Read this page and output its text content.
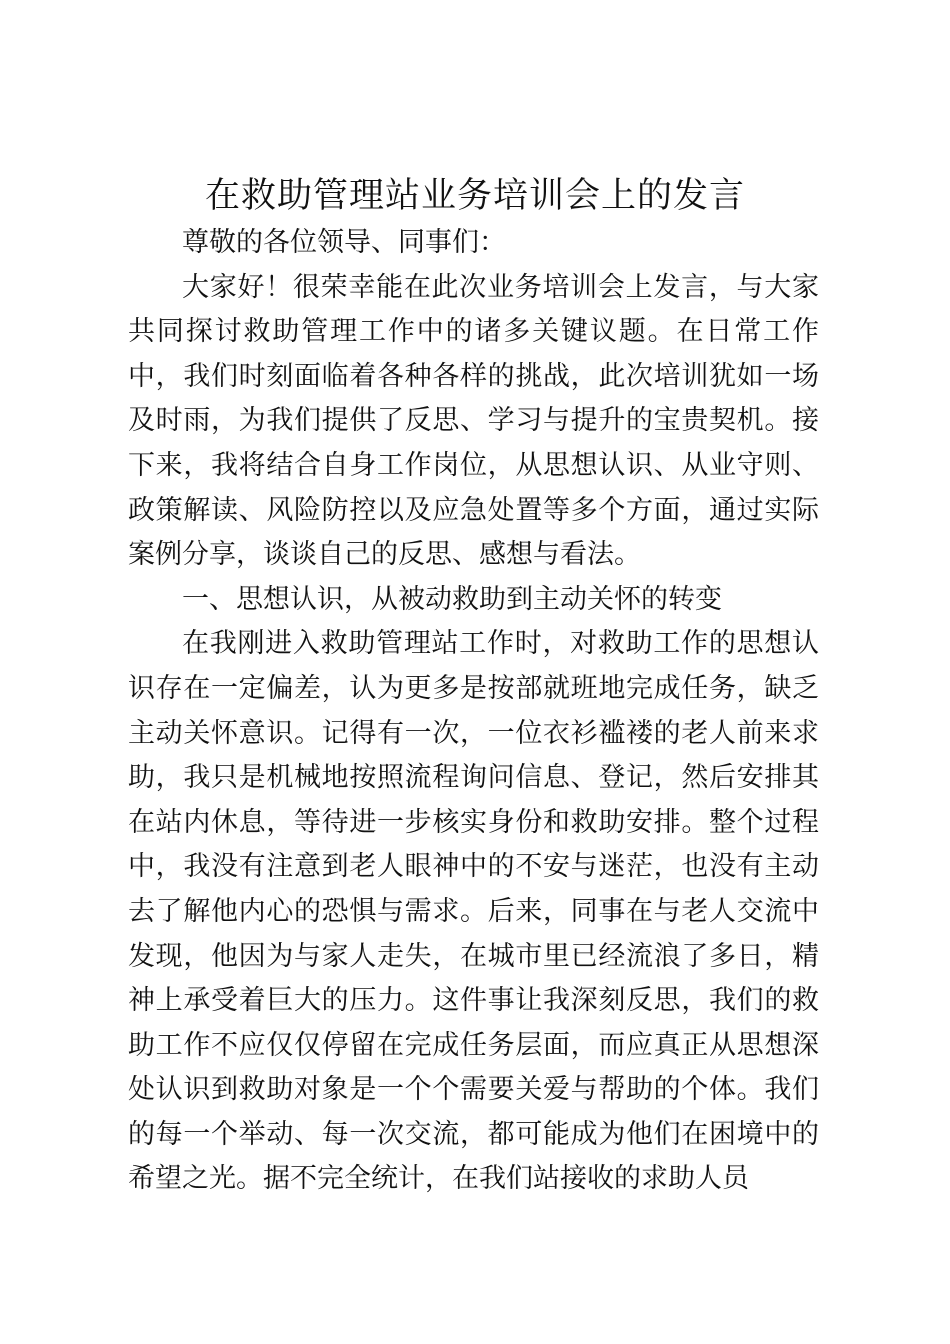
在救助管理站业务培训会上的发言

尊敬的各位领导、同事们：

大家好！很荣幸能在此次业务培训会上发言，与大家共同探讨救助管理工作中的诸多关键议题。在日常工作中，我们时刻面临着各种各样的挑战，此次培训犹如一场及时雨，为我们提供了反思、学习与提升的宝贵契机。接下来，我将结合自身工作岗位，从思想认识、从业守则、政策解读、风险防控以及应急处置等多个方面，通过实际案例分享，谈谈自己的反思、感想与看法。

一、思想认识，从被动救助到主动关怀的转变

在我刚进入救助管理站工作时，对救助工作的思想认识存在一定偏差，认为更多是按部就班地完成任务，缺乏主动关怀意识。记得有一次，一位衣衫褴褛的老人前来求助，我只是机械地按照流程询问信息、登记，然后安排其在站内休息，等待进一步核实身份和救助安排。整个过程中，我没有注意到老人眼神中的不安与迷茫，也没有主动去了解他内心的恐惧与需求。后来，同事在与老人交流中发现，他因为与家人走失，在城市里已经流浪了多日，精神上承受着巨大的压力。这件事让我深刻反思，我们的救助工作不应仅仅停留在完成任务层面，而应真正从思想深处认识到救助对象是一个个需要关爱与帮助的个体。我们的每一个举动、每一次交流，都可能成为他们在困境中的希望之光。据不完全统计，在我们站接收的求助人员
